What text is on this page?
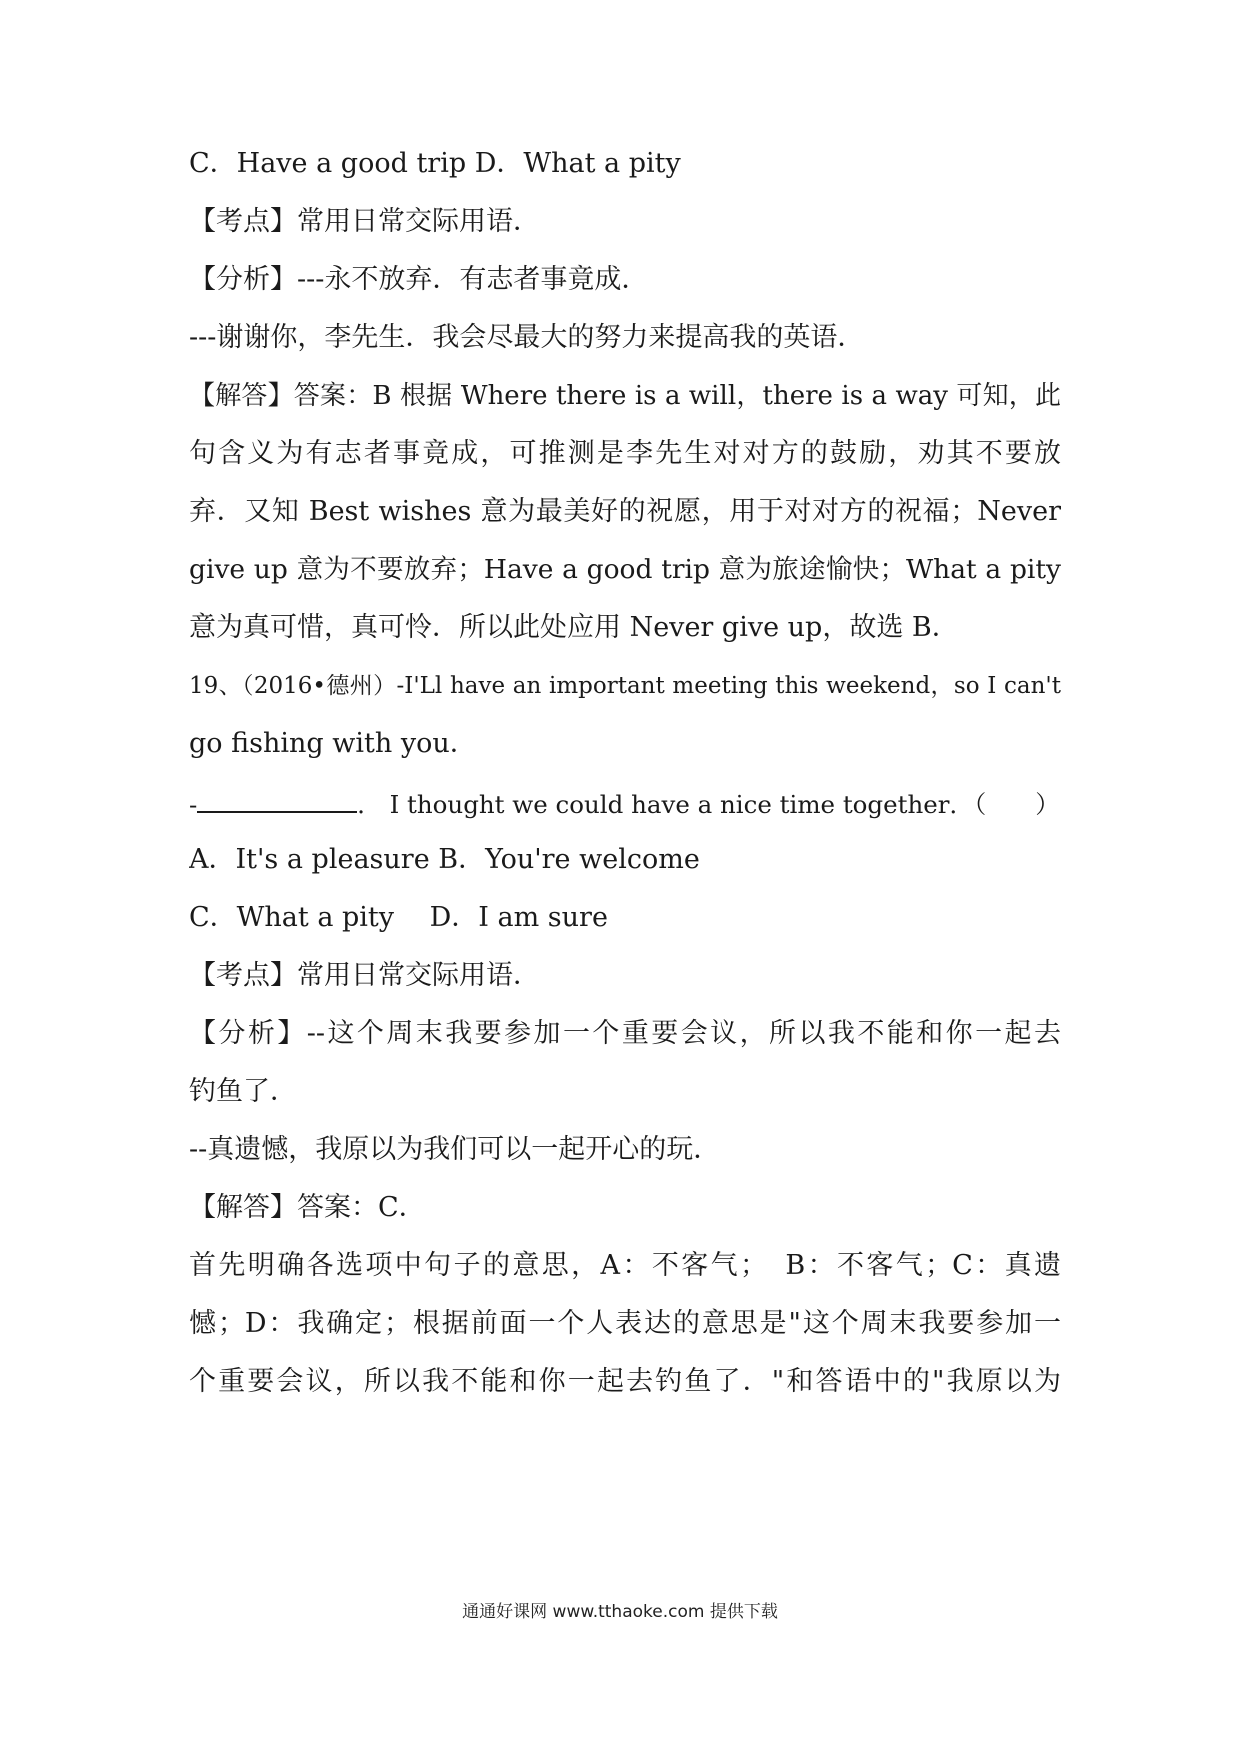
C．Have a good trip D．What a pity
【考点】常用日常交际用语．
【分析】---永不放弃．有志者事竟成．
---谢谢你，李先生．我会尽最大的努力来提高我的英语．
【解答】答案：B 根据 Where there is a will，there is a way 可知，此
句含义为有志者事竟成，可推测是李先生对对方的鼓励，劝其不要放
弃．又知 Best wishes 意为最美好的祝愿，用于对对方的祝福；Never
give up 意为不要放弃；Have a good trip 意为旅途愉快；What a pity
意为真可惜，真可怜．所以此处应用 Never give up，故选 B．
19、（2016•德州）-I'Ll have an important meeting this weekend，so I can't
go fishing with you．
-	． I thought we could have a nice time together．（　　）
A．It's a pleasure B．You're welcome
C．What a pity　 D．I am sure
【考点】常用日常交际用语．
【分析】--这个周末我要参加一个重要会议，所以我不能和你一起去
钓鱼了．
--真遗憾，我原以为我们可以一起开心的玩．
【解答】答案：C．
首先明确各选项中句子的意思，A：不客气；　B：不客气；C：真遗
憾；D：我确定；根据前面一个人表达的意思是"这个周末我要参加一
个重要会议，所以我不能和你一起去钓鱼了．"和答语中的"我原以为
通通好课网 www.tthaoke.com 提供下载
